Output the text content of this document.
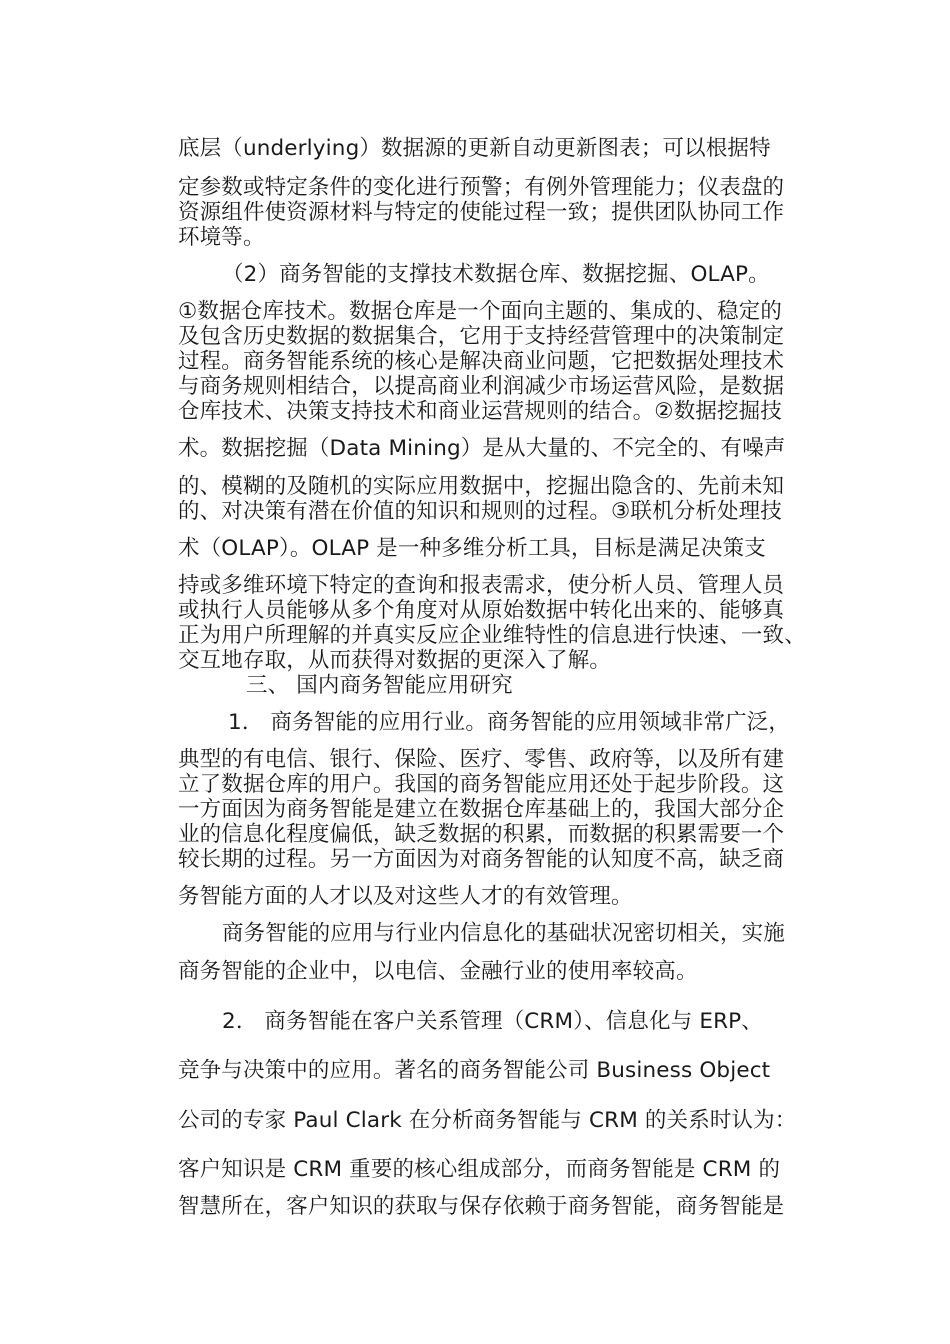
底层（underlying）数据源的更新自动更新图表；可以根据特
定参数或特定条件的变化进行预警；有例外管理能力；仪表盘的
资源组件使资源材料与特定的使能过程一致；提供团队协同工作
环境等。
（2）商务智能的支撑技术数据仓库、数据挖掘、OLAP。
①数据仓库技术。数据仓库是一个面向主题的、集成的、稳定的
及包含历史数据的数据集合，它用于支持经营管理中的决策制定
过程。商务智能系统的核心是解决商业问题，它把数据处理技术
与商务规则相结合，以提高商业利润减少市场运营风险，是数据
仓库技术、决策支持技术和商业运营规则的结合。②数据挖掘技
术。数据挖掘（Data Mining）是从大量的、不完全的、有噪声
的、模糊的及随机的实际应用数据中，挖掘出隐含的、先前未知
的、对决策有潜在价值的知识和规则的过程。③联机分析处理技
术（OLAP）。OLAP 是一种多维分析工具，目标是满足决策支
持或多维环境下特定的查询和报表需求，使分析人员、管理人员
或执行人员能够从多个角度对从原始数据中转化出来的、能够真
正为用户所理解的并真实反应企业维特性的信息进行快速、一致、
交互地存取，从而获得对数据的更深入了解。
三、 国内商务智能应用研究
1． 商务智能的应用行业。商务智能的应用领域非常广泛，
典型的有电信、银行、保险、医疗、零售、政府等，以及所有建
立了数据仓库的用户。我国的商务智能应用还处于起步阶段。这
一方面因为商务智能是建立在数据仓库基础上的，我国大部分企
业的信息化程度偏低，缺乏数据的积累，而数据的积累需要一个
较长期的过程。另一方面因为对商务智能的认知度不高，缺乏商
务智能方面的人才以及对这些人才的有效管理。
商务智能的应用与行业内信息化的基础状况密切相关，实施
商务智能的企业中，以电信、金融行业的使用率较高。
2． 商务智能在客户关系管理（CRM）、信息化与 ERP、
竞争与决策中的应用。著名的商务智能公司 Business Object
公司的专家 Paul Clark 在分析商务智能与 CRM 的关系时认为：
客户知识是 CRM 重要的核心组成部分，而商务智能是 CRM 的
智慧所在，客户知识的获取与保存依赖于商务智能，商务智能是
